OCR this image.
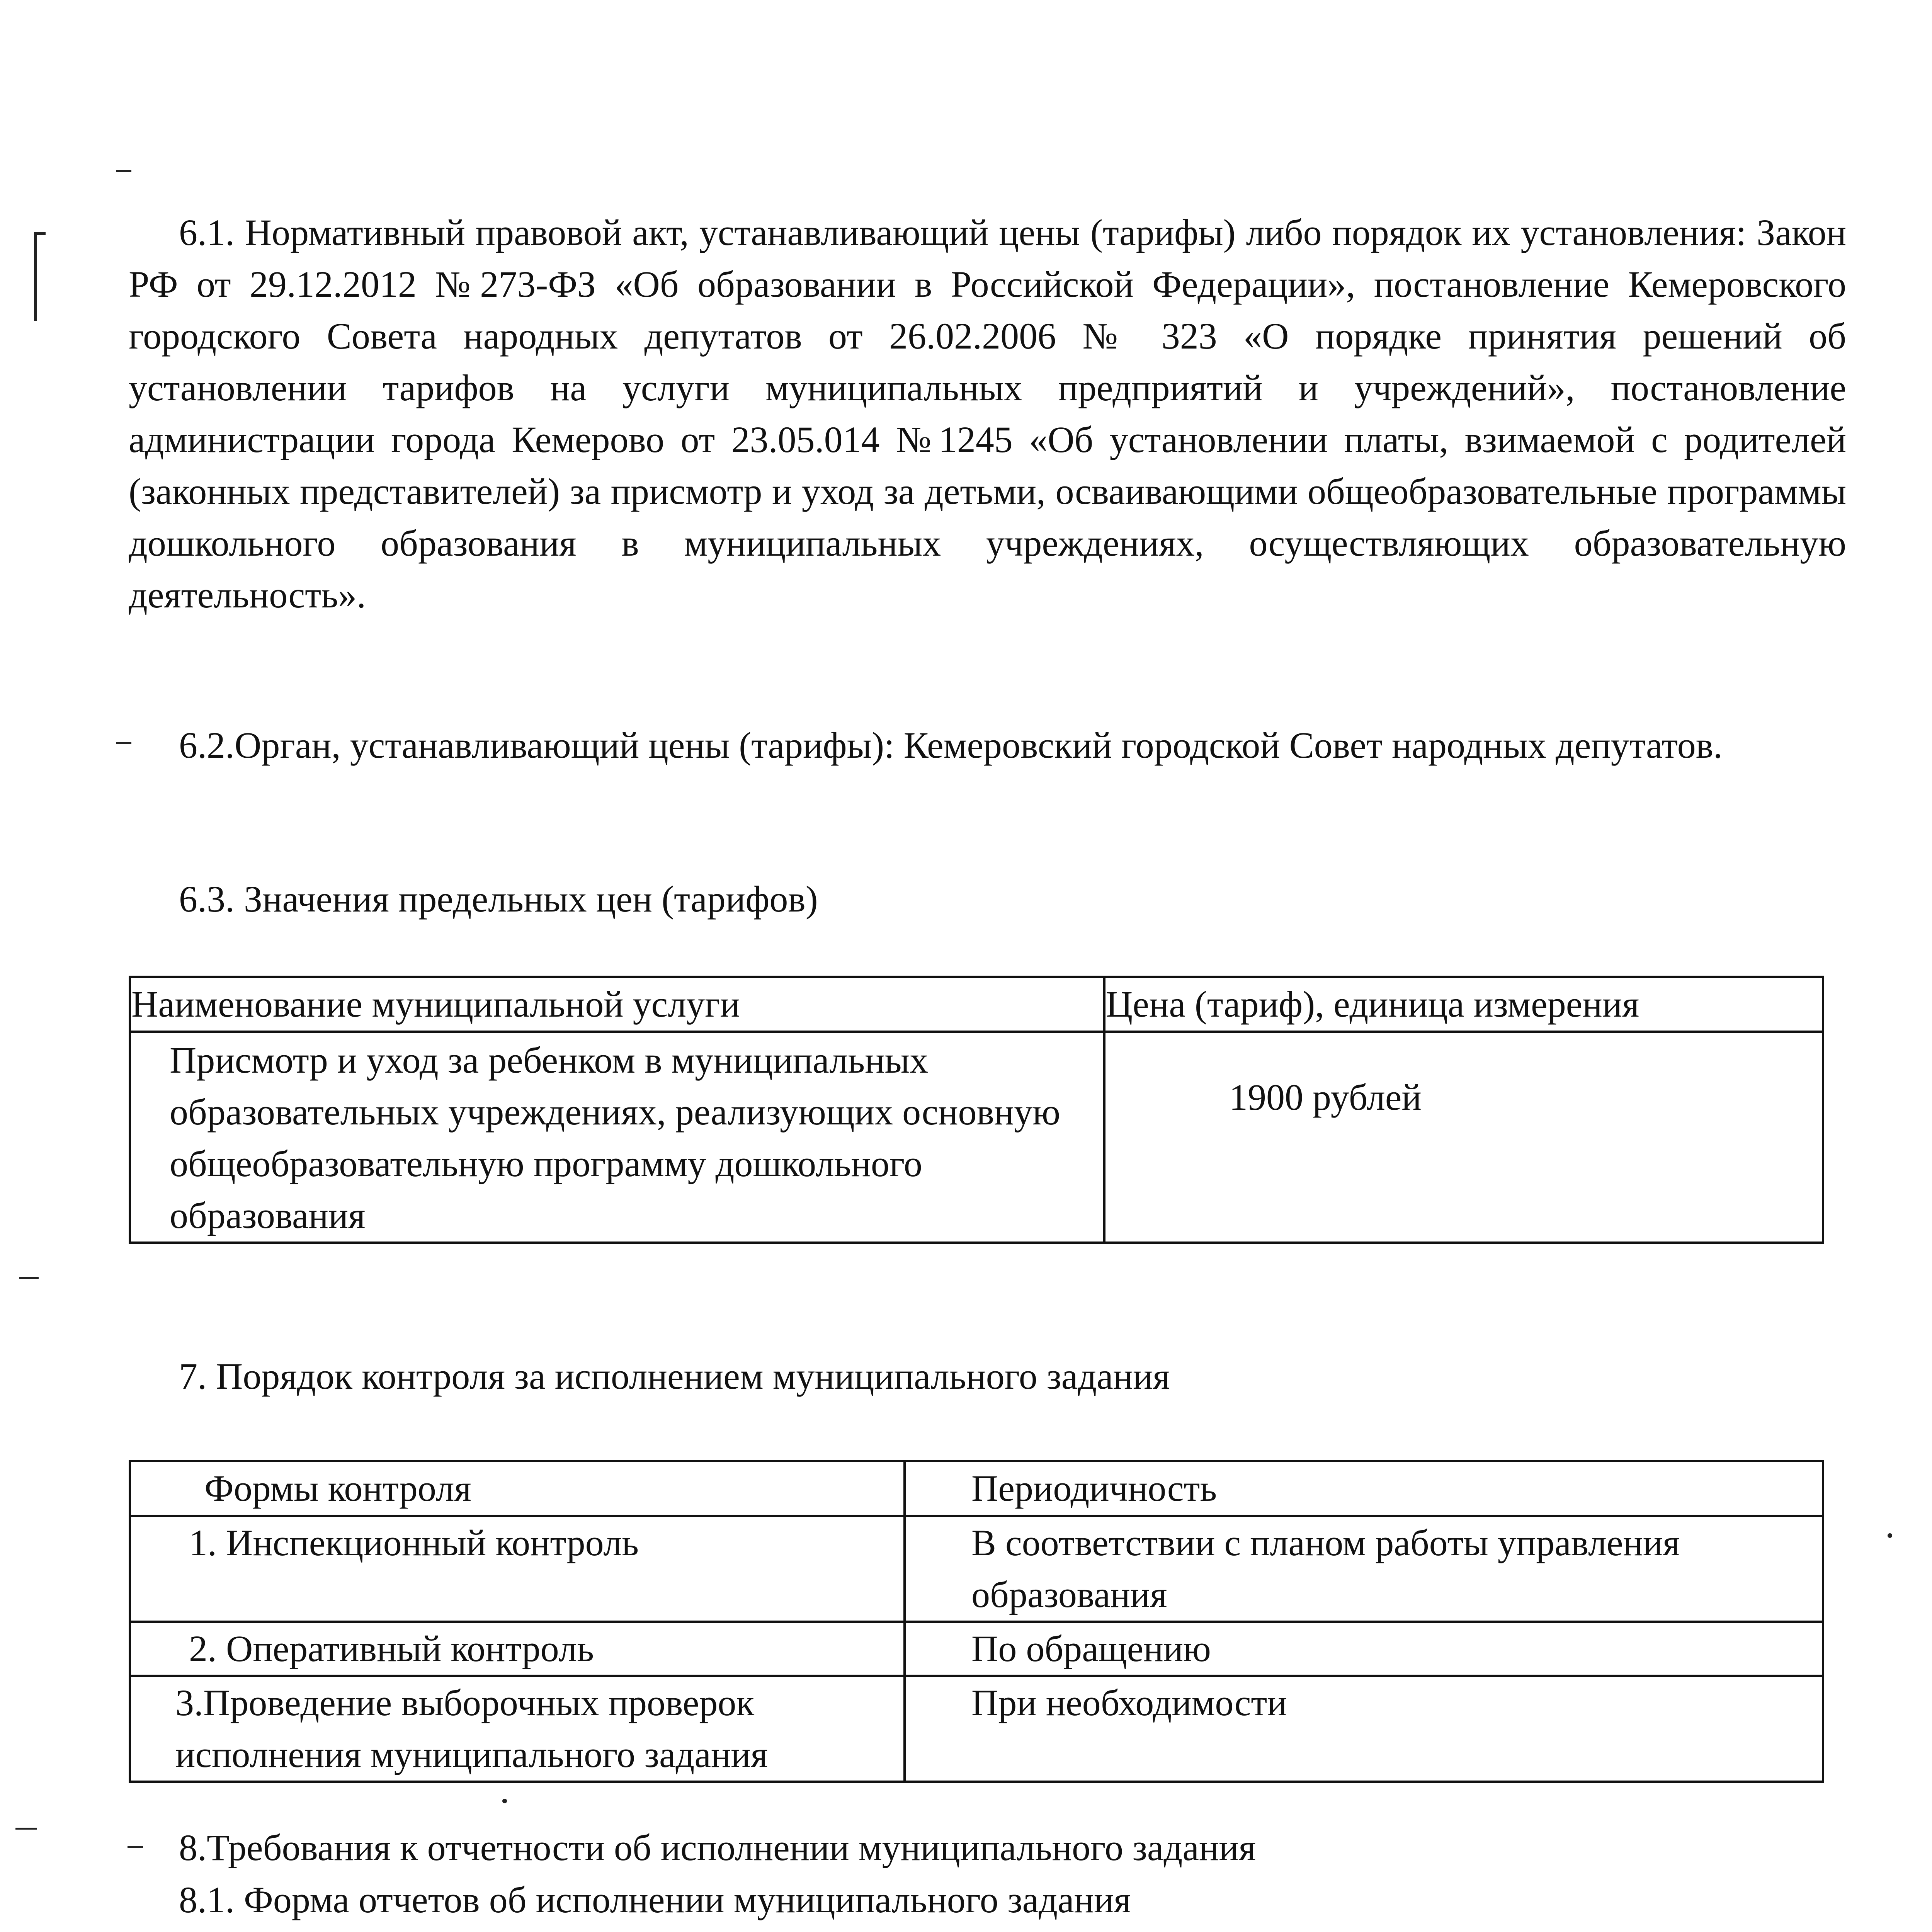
6.1. Нормативный правовой акт, устанавливающий цены (тарифы) либо порядок их установления: Закон РФ от 29.12.2012 №273-ФЗ «Об образовании в Российской Федерации», постановление Кемеровского городского Совета народных депутатов от 26.02.2006 № 323 «О порядке принятия решений об установлении тарифов на услуги муниципальных предприятий и учреждений», постановление администрации города Кемерово от 23.05.014 №1245 «Об установлении платы, взимаемой с родителей (законных представителей) за присмотр и уход за детьми, осваивающими общеобразовательные программы дошкольного образования в муниципальных учреждениях, осуществляющих образовательную деятельность».

6.2.Орган, устанавливающий цены (тарифы): Кемеровский городской Совет народных депутатов.

6.3. Значения предельных цен (тарифов)

Наименование муниципальной услуги	Цена (тариф), единица измерения
Присмотр и уход за ребенком в муниципальных образовательных учреждениях, реализующих основную общеобразовательную программу дошкольного образования	1900 рублей

7. Порядок контроля за исполнением муниципального задания

Формы контроля	Периодичность
1. Инспекционный контроль	В соответствии с планом работы управления образования
2. Оперативный контроль	По обращению
3.Проведение выборочных проверок исполнения муниципального задания	При необходимости

8.Требования к отчетности об исполнении муниципального задания

8.1. Форма отчетов об исполнении муниципального задания
